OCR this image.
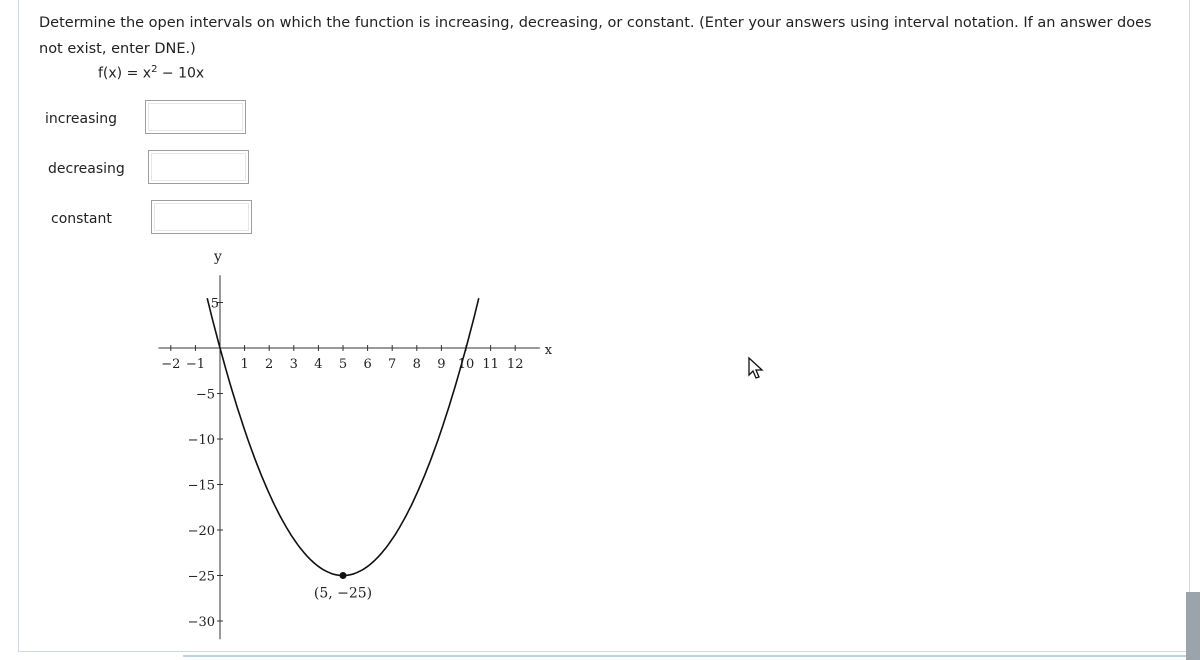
Determine the open intervals on which the function is increasing, decreasing, or constant. (Enter your answers using interval notation. If an answer does not exist, enter DNE.)
$f(x) = x^2 - 10x$
increasing
decreasing
constant
−2 −1	1 2 3 4 5 6 7 8 9 10 11 12
5
−5
−10
−15
−20
−25
−30
x
y
(5, −25)
